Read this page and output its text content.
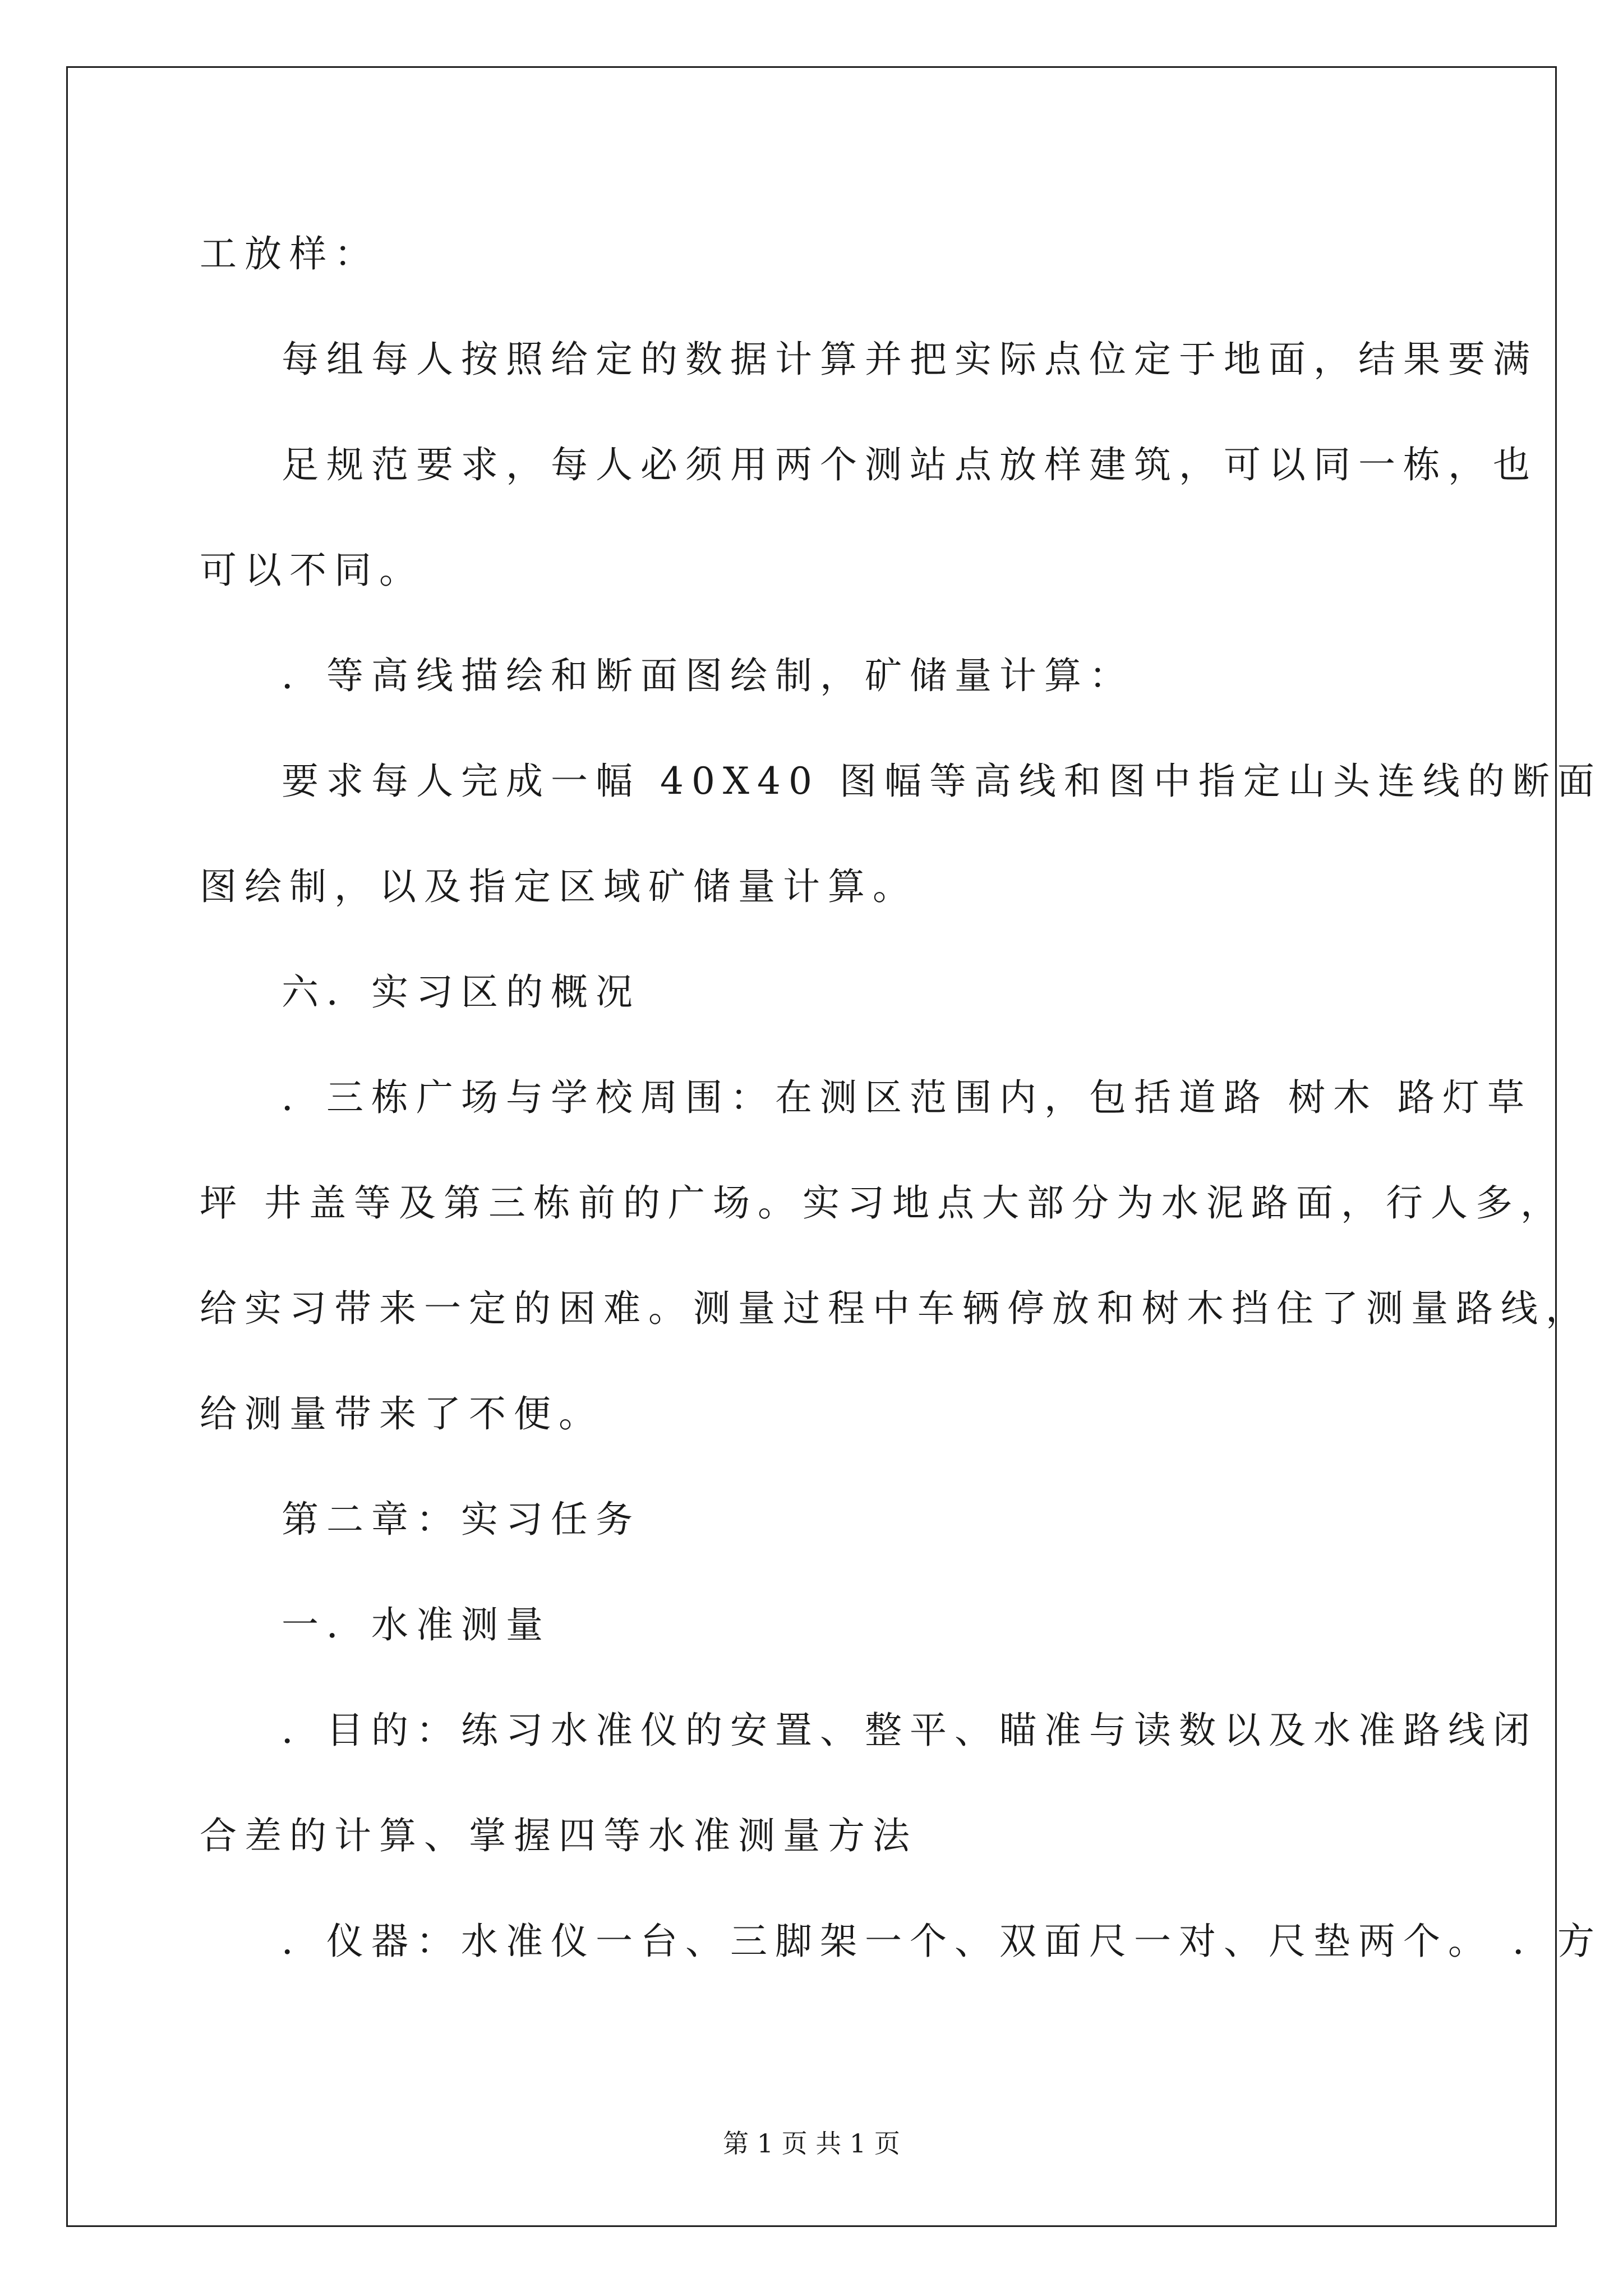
工放样：
每组每人按照给定的数据计算并把实际点位定于地面，结果要满
足规范要求，每人必须用两个测站点放样建筑，可以同一栋，也
可以不同。
．等高线描绘和断面图绘制，矿储量计算：
要求每人完成一幅 40X40 图幅等高线和图中指定山头连线的断面
图绘制，以及指定区域矿储量计算。
六．实习区的概况
．三栋广场与学校周围：在测区范围内，包括道路 树木 路灯草
坪 井盖等及第三栋前的广场。实习地点大部分为水泥路面，行人多，
给实习带来一定的困难。测量过程中车辆停放和树木挡住了测量路线，
给测量带来了不便。
第二章：实习任务
一．水准测量
．目的：练习水准仪的安置、整平、瞄准与读数以及水准路线闭
合差的计算、掌握四等水准测量方法
．仪器：水准仪一台、三脚架一个、双面尺一对、尺垫两个。 ．方
第 1 页 共 1 页
